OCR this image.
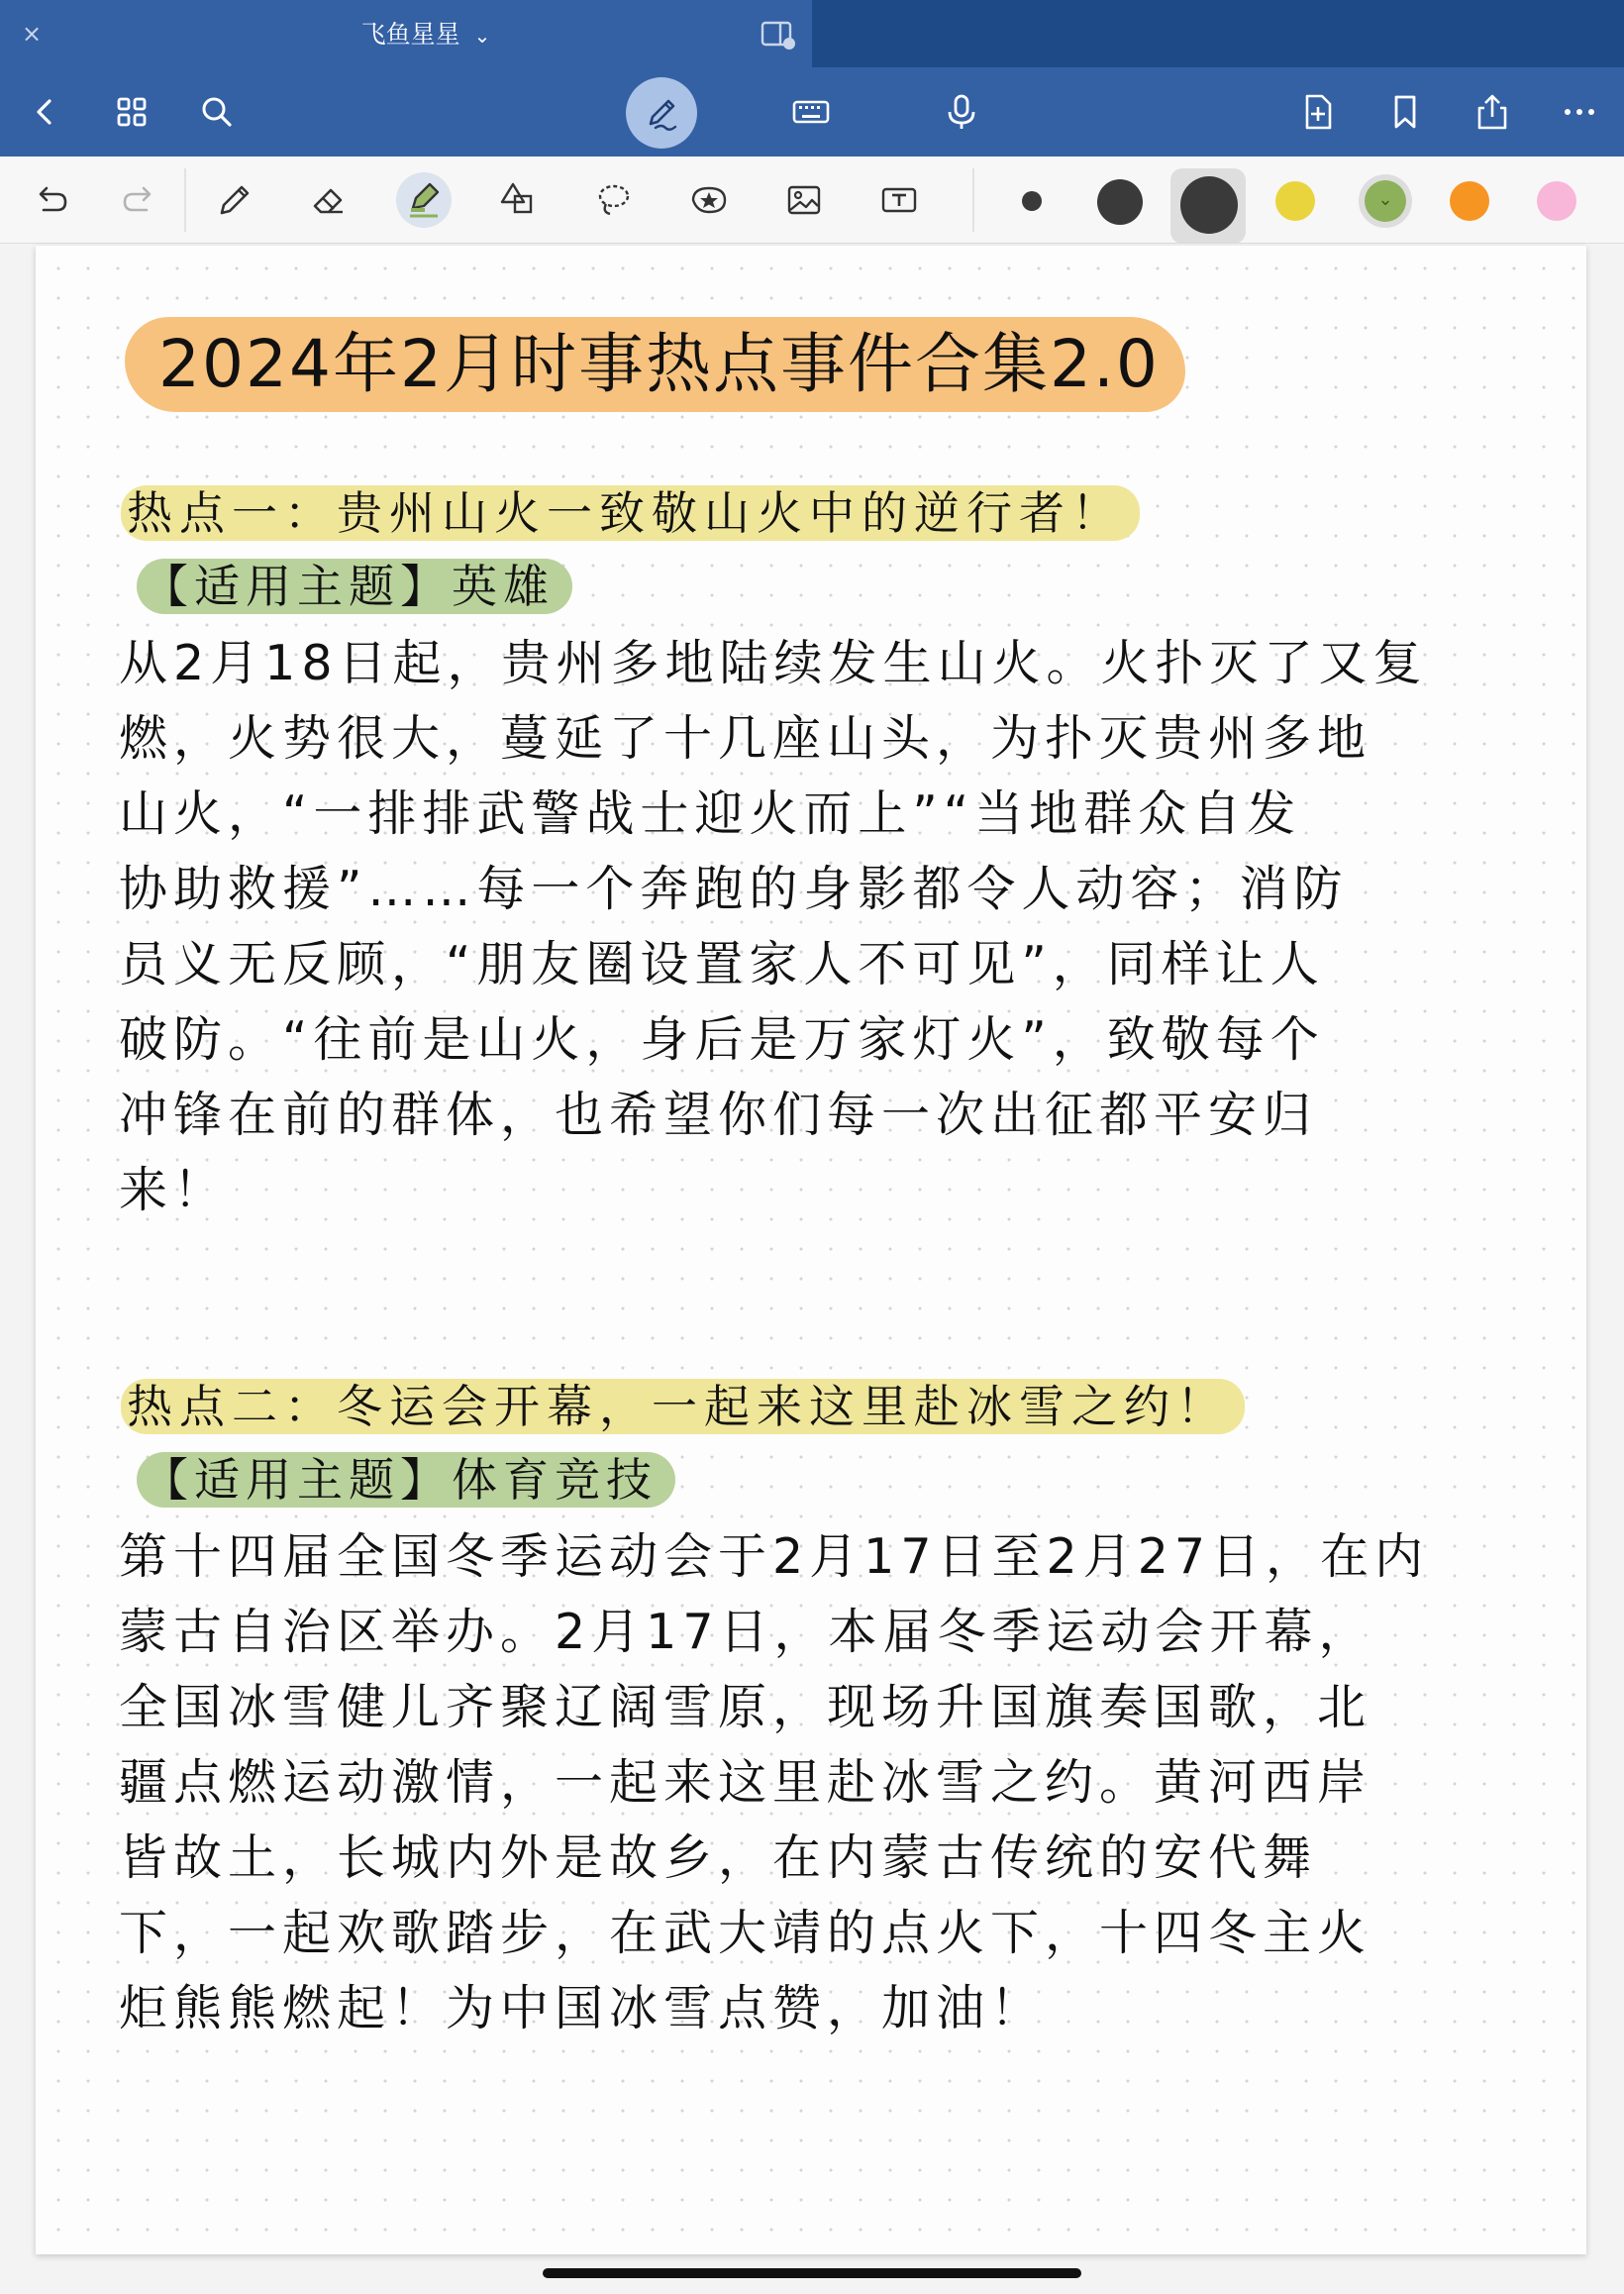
×	飞鱼星星 ⌄
⌄
2024年2月时事热点事件合集2.0
热点一：贵州山火一致敬山火中的逆行者！
【适用主题】英雄
从2月18日起，贵州多地陆续发生山火。火扑灭了又复
燃，火势很大，蔓延了十几座山头，为扑灭贵州多地
山火，“一排排武警战士迎火而上”“当地群众自发
协助救援”……每一个奔跑的身影都令人动容；消防
员义无反顾，“朋友圈设置家人不可见”，同样让人
破防。“往前是山火，身后是万家灯火”，致敬每个
冲锋在前的群体，也希望你们每一次出征都平安归
来！
热点二：冬运会开幕，一起来这里赴冰雪之约！
【适用主题】体育竞技
第十四届全国冬季运动会于2月17日至2月27日，在内
蒙古自治区举办。2月17日，本届冬季运动会开幕，
全国冰雪健儿齐聚辽阔雪原，现场升国旗奏国歌，北
疆点燃运动激情，一起来这里赴冰雪之约。黄河西岸
皆故土，长城内外是故乡，在内蒙古传统的安代舞
下，一起欢歌踏步，在武大靖的点火下，十四冬主火
炬熊熊燃起！为中国冰雪点赞，加油！
